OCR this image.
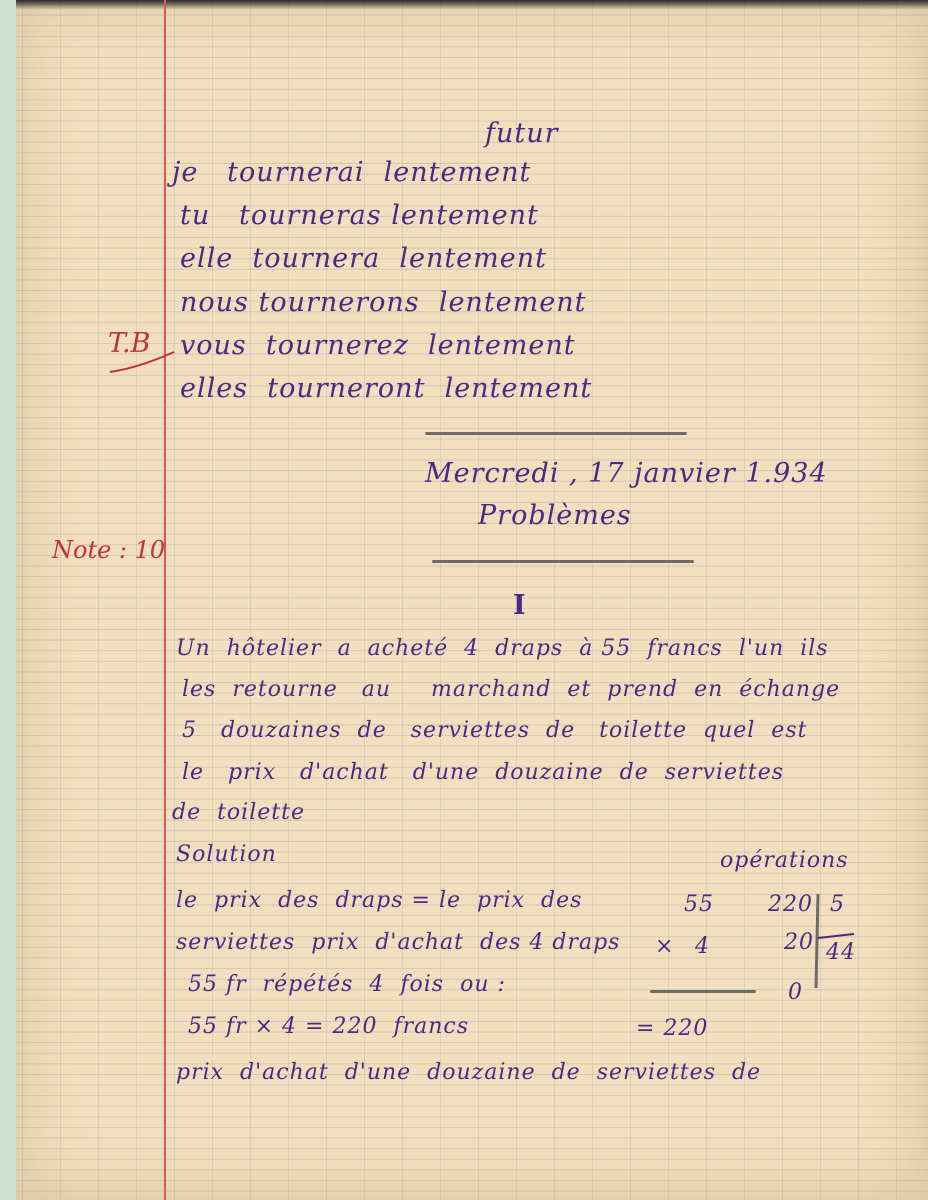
futur

je   tournerai  lentement

tu   tourneras lentement

elle  tournera  lentement

nous tournerons  lentement

vous  tournerez  lentement

elles  tourneront  lentement

T.B

Mercredi , 17 janvier 1.934

Problèmes

Note : 10

I

Un  hôtelier  a  acheté  4  draps  à 55  francs  l'un  ils

les  retourne   au     marchand  et  prend  en  échange

5   douzaines  de   serviettes  de   toilette  quel  est

le   prix   d'achat   d'une  douzaine  de  serviettes

de  toilette

Solution	opérations

le  prix  des  draps = le  prix  des

serviettes  prix  d'achat  des 4 draps

55 fr  répétés  4  fois  ou :

55 fr × 4 = 220  francs

prix  d'achat  d'une  douzaine  de  serviettes  de

55

× 4

= 220

220

20

0

5

44
